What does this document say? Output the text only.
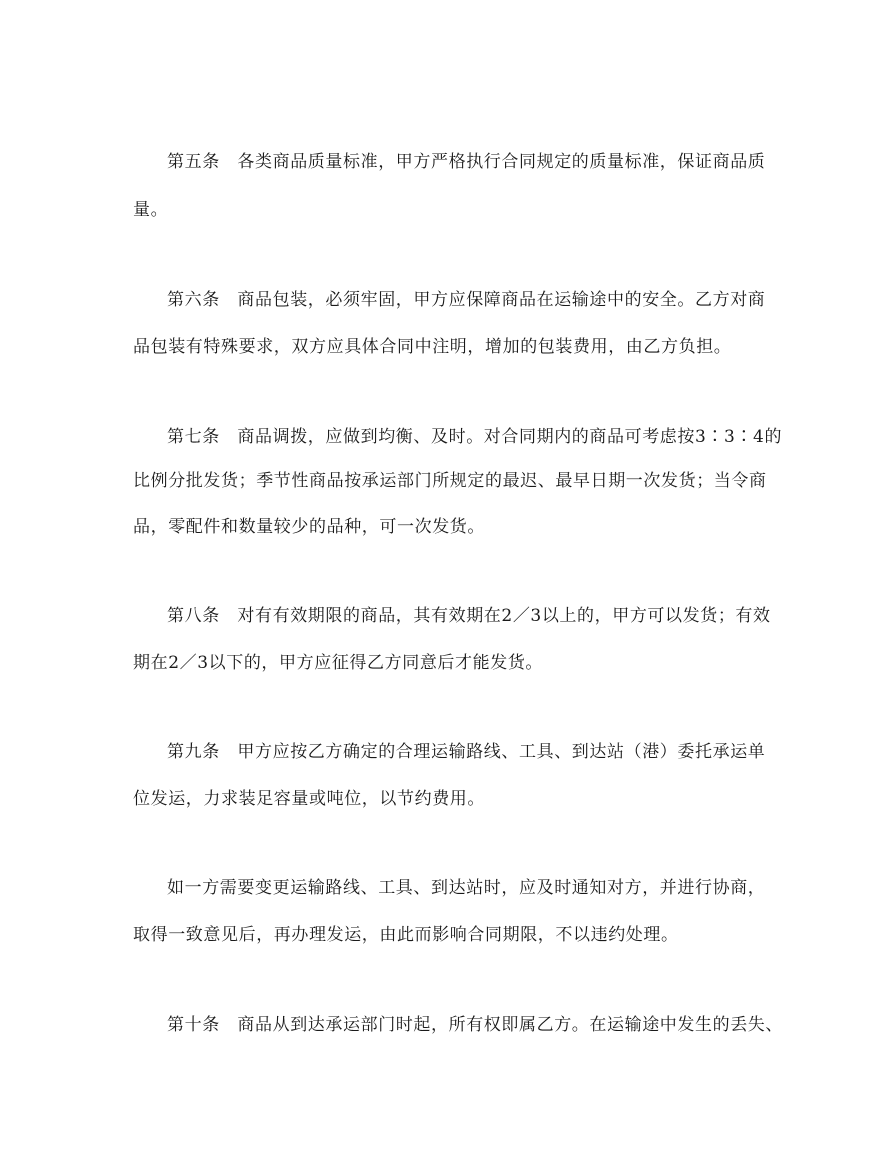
第五条　各类商品质量标准，甲方严格执行合同规定的质量标准，保证商品质
量。
第六条　商品包装，必须牢固，甲方应保障商品在运输途中的安全。乙方对商
品包装有特殊要求，双方应具体合同中注明，增加的包装费用，由乙方负担。
第七条　商品调拨，应做到均衡、及时。对合同期内的商品可考虑按3∶3∶4的
比例分批发货；季节性商品按承运部门所规定的最迟、最早日期一次发货；当令商
品，零配件和数量较少的品种，可一次发货。
第八条　对有有效期限的商品，其有效期在2／3以上的，甲方可以发货；有效
期在2／3以下的，甲方应征得乙方同意后才能发货。
第九条　甲方应按乙方确定的合理运输路线、工具、到达站（港）委托承运单
位发运，力求装足容量或吨位，以节约费用。
如一方需要变更运输路线、工具、到达站时，应及时通知对方，并进行协商，
取得一致意见后，再办理发运，由此而影响合同期限，不以违约处理。
第十条　商品从到达承运部门时起，所有权即属乙方。在运输途中发生的丢失、
